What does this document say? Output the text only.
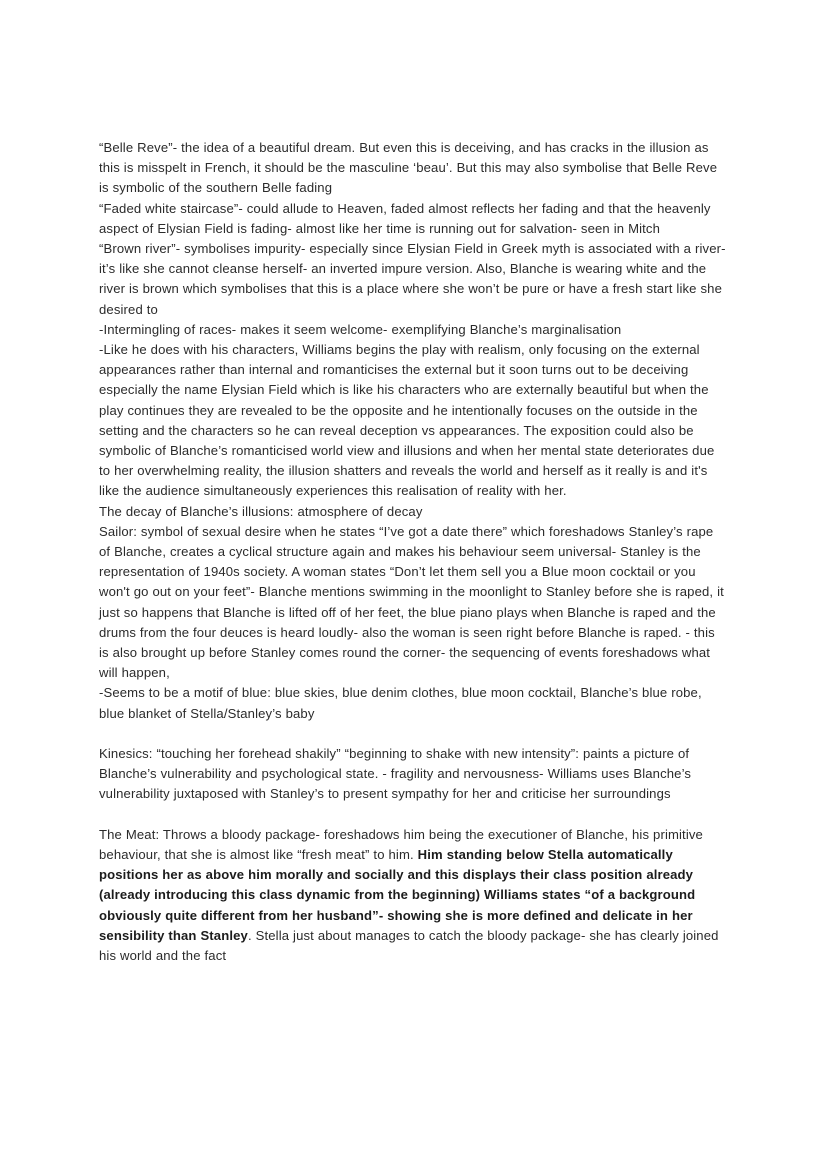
“Belle Reve”- the idea of a beautiful dream. But even this is deceiving, and has cracks in the illusion as this is misspelt in French, it should be the masculine ‘beau’. But this may also symbolise that Belle Reve is symbolic of the southern Belle fading

“Faded white staircase”- could allude to Heaven, faded almost reflects her fading and that the heavenly aspect of Elysian Field is fading- almost like her time is running out for salvation- seen in Mitch

“Brown river”- symbolises impurity- especially since Elysian Field in Greek myth is associated with a river- it’s like she cannot cleanse herself- an inverted impure version. Also, Blanche is wearing white and the river is brown which symbolises that this is a place where she won’t be pure or have a fresh start like she desired to

-Intermingling of races- makes it seem welcome- exemplifying Blanche’s marginalisation

-Like he does with his characters, Williams begins the play with realism, only focusing on the external appearances rather than internal and romanticises the external but it soon turns out to be deceiving especially the name Elysian Field which is like his characters who are externally beautiful but when the play continues they are revealed to be the opposite and he intentionally focuses on the outside in the setting and the characters so he can reveal deception vs appearances. The exposition could also be symbolic of Blanche’s romanticised world view and illusions and when her mental state deteriorates due to her overwhelming reality, the illusion shatters and reveals the world and herself as it really is and it's like the audience simultaneously experiences this realisation of reality with her.

The decay of Blanche’s illusions: atmosphere of decay

Sailor: symbol of sexual desire when he states “I’ve got a date there” which foreshadows Stanley’s rape of Blanche, creates a cyclical structure again and makes his behaviour seem universal- Stanley is the representation of 1940s society. A woman states “Don’t let them sell you a Blue moon cocktail or you won't go out on your feet”- Blanche mentions swimming in the moonlight to Stanley before she is raped, it just so happens that Blanche is lifted off of her feet, the blue piano plays when Blanche is raped and the drums from the four deuces is heard loudly- also the woman is seen right before Blanche is raped. - this is also brought up before Stanley comes round the corner- the sequencing of events foreshadows what will happen,

-Seems to be a motif of blue: blue skies, blue denim clothes, blue moon cocktail, Blanche’s blue robe, blue blanket of Stella/Stanley’s baby

Kinesics: “touching her forehead shakily” “beginning to shake with new intensity”: paints a picture of Blanche’s vulnerability and psychological state. - fragility and nervousness- Williams uses Blanche’s vulnerability juxtaposed with Stanley’s to present sympathy for her and criticise her surroundings

The Meat: Throws a bloody package- foreshadows him being the executioner of Blanche, his primitive behaviour, that she is almost like “fresh meat” to him. Him standing below Stella automatically positions her as above him morally and socially and this displays their class position already (already introducing this class dynamic from the beginning) Williams states “of a background obviously quite different from her husband”- showing she is more defined and delicate in her sensibility than Stanley. Stella just about manages to catch the bloody package- she has clearly joined his world and the fact
